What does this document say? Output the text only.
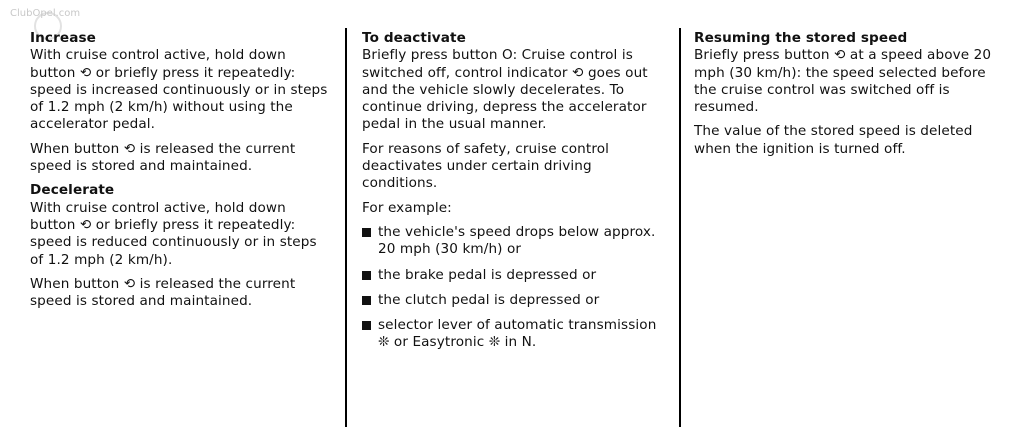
ClubOpel.com
Increase

With cruise control active, hold down button ⟲ or briefly press it repeatedly: speed is increased continuously or in steps of 1.2 mph (2 km/h) without using the accelerator pedal.

When button ⟲ is released the current speed is stored and maintained.

Decelerate

With cruise control active, hold down button ⟲ or briefly press it repeatedly: speed is reduced continuously or in steps of 1.2 mph (2 km/h).

When button ⟲ is released the current speed is stored and maintained.

To deactivate

Briefly press button O: Cruise control is switched off, control indicator ⟲ goes out and the vehicle slowly decelerates. To continue driving, depress the accelerator pedal in the usual manner.

For reasons of safety, cruise control deactivates under certain driving conditions.

For example:

the vehicle's speed drops below approx. 20 mph (30 km/h) or
the brake pedal is depressed or
the clutch pedal is depressed or
selector lever of automatic transmission ❊ or Easytronic ❊ in N.
Resuming the stored speed

Briefly press button ⟲ at a speed above 20 mph (30 km/h): the speed selected before the cruise control was switched off is resumed.

The value of the stored speed is deleted when the ignition is turned off.
